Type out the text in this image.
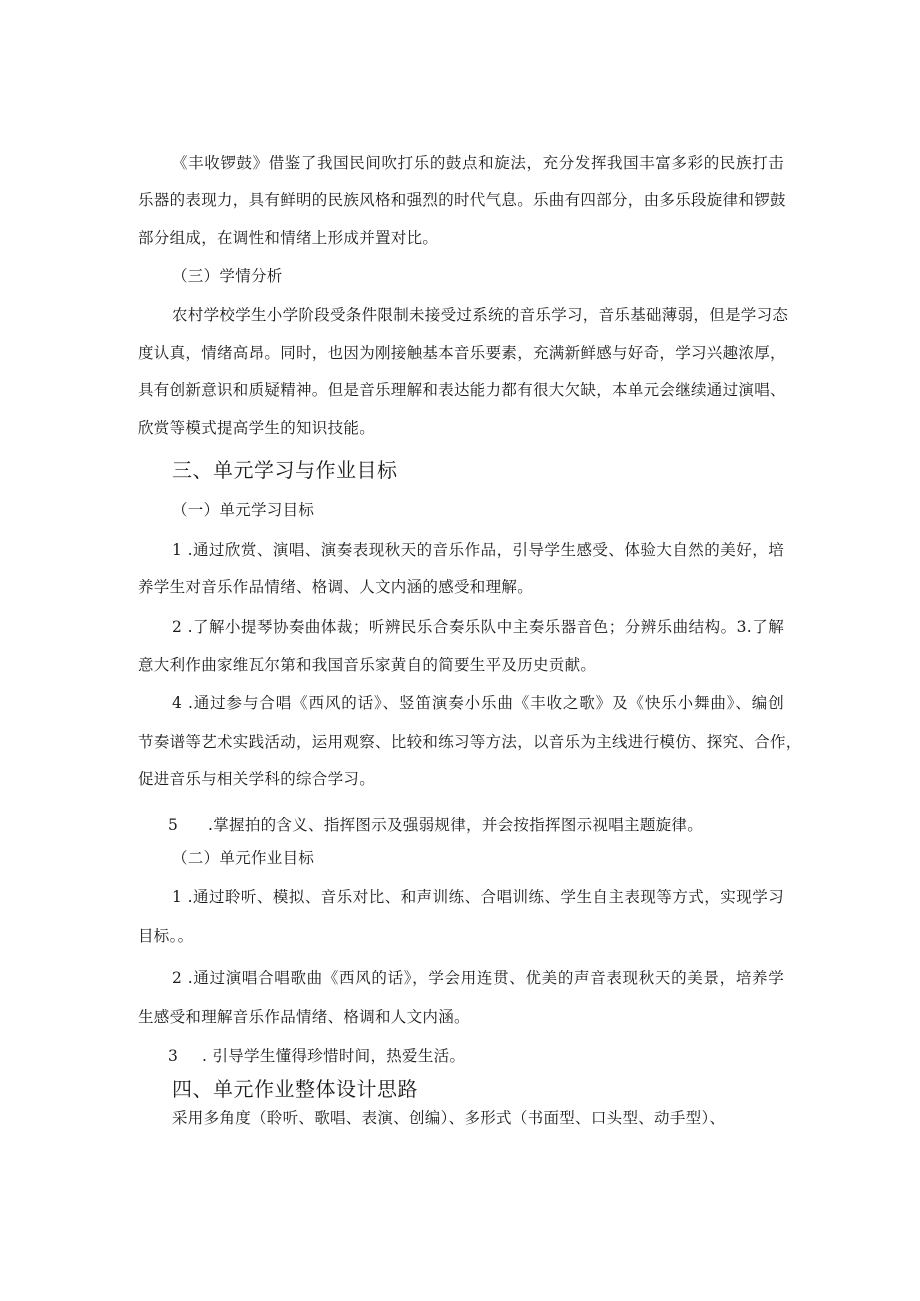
《丰收锣鼓》借鉴了我国民间吹打乐的鼓点和旋法，充分发挥我国丰富多彩的民族打击
乐器的表现力，具有鲜明的民族风格和强烈的时代气息。乐曲有四部分，由多乐段旋律和锣鼓
部分组成，在调性和情绪上形成并置对比。
（三）学情分析
农村学校学生小学阶段受条件限制未接受过系统的音乐学习，音乐基础薄弱，但是学习态
度认真，情绪高昂。同时，也因为刚接触基本音乐要素，充满新鲜感与好奇，学习兴趣浓厚，
具有创新意识和质疑精神。但是音乐理解和表达能力都有很大欠缺，本单元会继续通过演唱、
欣赏等模式提高学生的知识技能。
三、单元学习与作业目标
（一）单元学习目标
1 .通过欣赏、演唱、演奏表现秋天的音乐作品，引导学生感受、体验大自然的美好，培
养学生对音乐作品情绪、格调、人文内涵的感受和理解。
2 .了解小提琴协奏曲体裁；听辨民乐合奏乐队中主奏乐器音色；分辨乐曲结构。3.了解
意大利作曲家维瓦尔第和我国音乐家黄自的简要生平及历史贡献。
4 .通过参与合唱《西风的话》、竖笛演奏小乐曲《丰收之歌》及《快乐小舞曲》、编创
节奏谱等艺术实践活动，运用观察、比较和练习等方法，以音乐为主线进行模仿、探究、合作，
促进音乐与相关学科的综合学习。
5 .掌握拍的含义、指挥图示及强弱规律，并会按指挥图示视唱主题旋律。
（二）单元作业目标
1 .通过聆听、模拟、音乐对比、和声训练、合唱训练、学生自主表现等方式，实现学习
目标。。
2 .通过演唱合唱歌曲《西风的话》，学会用连贯、优美的声音表现秋天的美景，培养学
生感受和理解音乐作品情绪、格调和人文内涵。
3 . 引导学生懂得珍惜时间，热爱生活。
四、单元作业整体设计思路
采用多角度（聆听、歌唱、表演、创编）、多形式（书面型、口头型、动手型）、
